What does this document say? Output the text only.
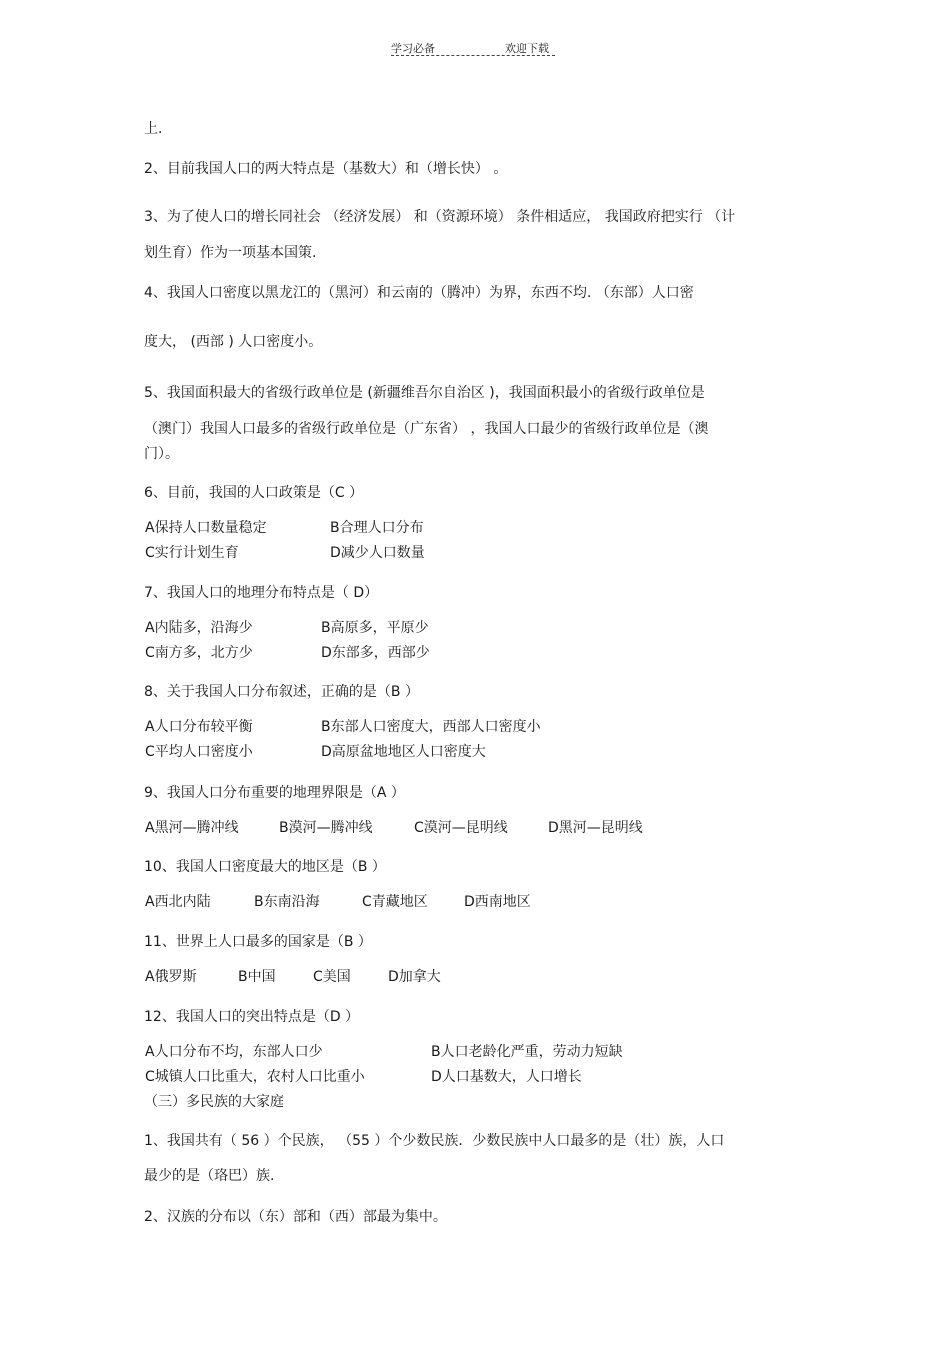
学习必备	欢迎下载
上.
2、目前我国人口的两大特点是（基数大）和（增长快） 。
3、为了使人口的增长同社会 （经济发展） 和（资源环境） 条件相适应， 我国政府把实行 （计
划生育）作为一项基本国策.
4、我国人口密度以黑龙江的（黑河）和云南的（腾冲）为界，东西不均. （东部）人口密
度大， (西部 ) 人口密度小。
5、我国面积最大的省级行政单位是 (新疆维吾尔自治区 )，我国面积最小的省级行政单位是
（澳门）我国人口最多的省级行政单位是（广东省） ，我国人口最少的省级行政单位是（澳
门）。
6、目前，我国的人口政策是（C ）
A保持人口数量稳定	B合理人口分布
C实行计划生育	D减少人口数量
7、我国人口的地理分布特点是（ D）
A内陆多，沿海少	B高原多，平原少
C南方多，北方少	D东部多，西部少
8、关于我国人口分布叙述，正确的是（B ）
A人口分布较平衡	B东部人口密度大，西部人口密度小
C平均人口密度小	D高原盆地地区人口密度大
9、我国人口分布重要的地理界限是（A ）
A黑河—腾冲线	B漠河—腾冲线	C漠河—昆明线	D黑河—昆明线
10、我国人口密度最大的地区是（B ）
A西北内陆	B东南沿海	C青藏地区	D西南地区
11、世界上人口最多的国家是（B ）
A俄罗斯	B中国	C美国	D加拿大
12、我国人口的突出特点是（D ）
A人口分布不均，东部人口少	B人口老龄化严重，劳动力短缺
C城镇人口比重大，农村人口比重小	D人口基数大，人口增长
（三）多民族的大家庭
1、我国共有（ 56 ）个民族， （55 ）个少数民族．少数民族中人口最多的是（壮）族，人口
最少的是（珞巴）族.
2、汉族的分布以（东）部和（西）部最为集中。
